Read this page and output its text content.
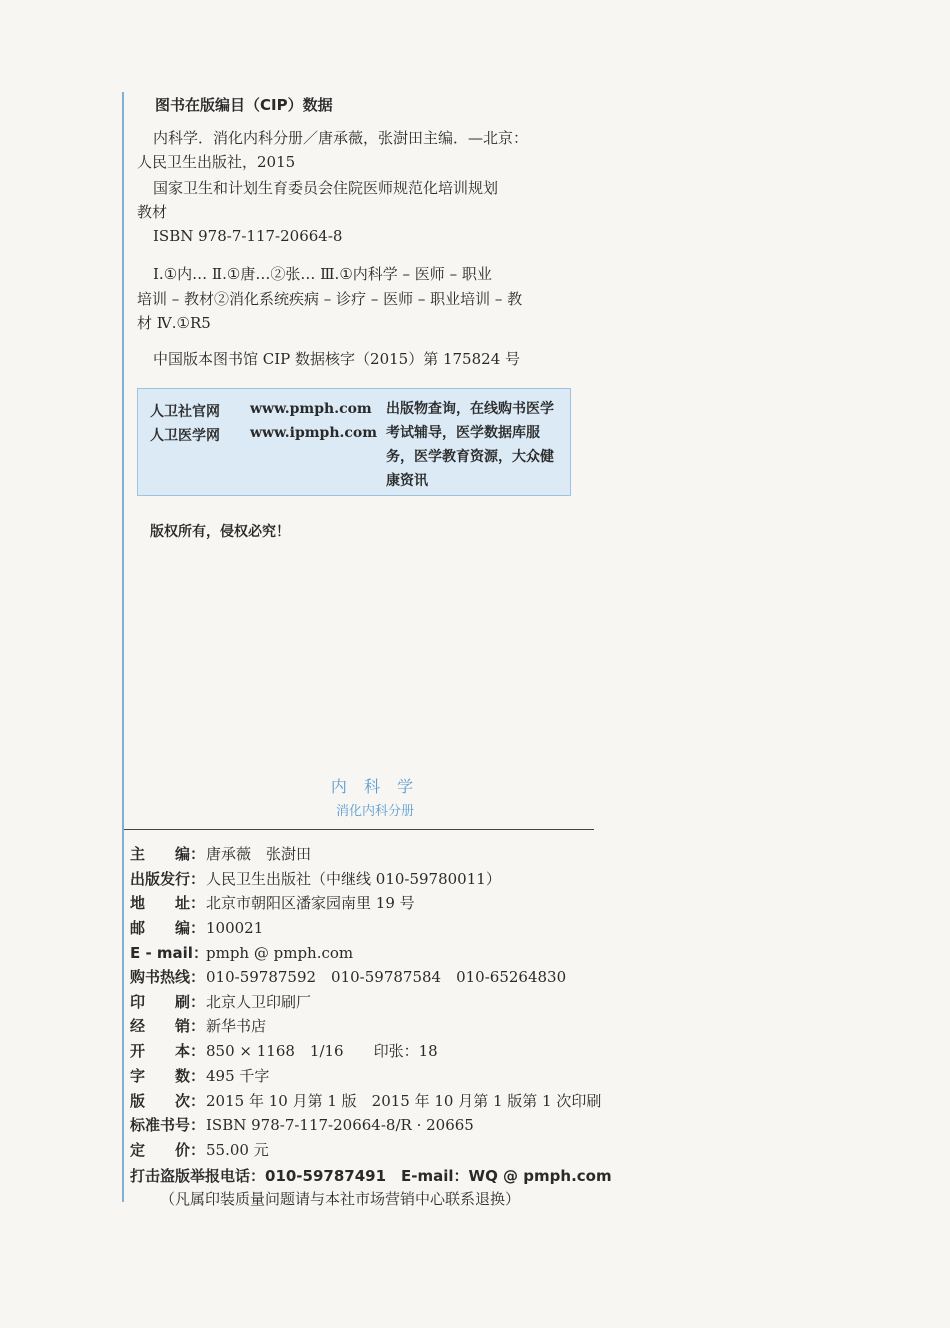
图书在版编目（CIP）数据
内科学．消化内科分册／唐承薇，张澍田主编．—北京：
人民卫生出版社，2015
国家卫生和计划生育委员会住院医师规范化培训规划
教材
ISBN 978-7-117-20664-8
Ⅰ.①内… Ⅱ.①唐…②张… Ⅲ.①内科学 – 医师 – 职业
培训 – 教材②消化系统疾病 – 诊疗 – 医师 – 职业培训 – 教
材 Ⅳ.①R5
中国版本图书馆 CIP 数据核字（2015）第 175824 号
人卫社官网 www.pmph.com
人卫医学网 www.ipmph.com
出版物查询，在线购书医学考试辅导，医学数据库服务，医学教育资源，大众健康资讯
版权所有，侵权必究！
内 科 学
消化内科分册
主　　编：唐承薇　张澍田
出版发行：人民卫生出版社（中继线 010-59780011）
地　　址：北京市朝阳区潘家园南里 19 号
邮　　编：100021
E - mail：pmph @ pmph.com
购书热线：010-59787592　010-59787584　010-65264830
印　　刷：北京人卫印刷厂
经　　销：新华书店
开　　本：850 × 1168　1/16　　印张：18
字　　数：495 千字
版　　次：2015 年 10 月第 1 版　2015 年 10 月第 1 版第 1 次印刷
标准书号：ISBN 978-7-117-20664-8/R · 20665
定　　价：55.00 元
打击盗版举报电话：010-59787491　E-mail：WQ @ pmph.com
（凡属印装质量问题请与本社市场营销中心联系退换）
